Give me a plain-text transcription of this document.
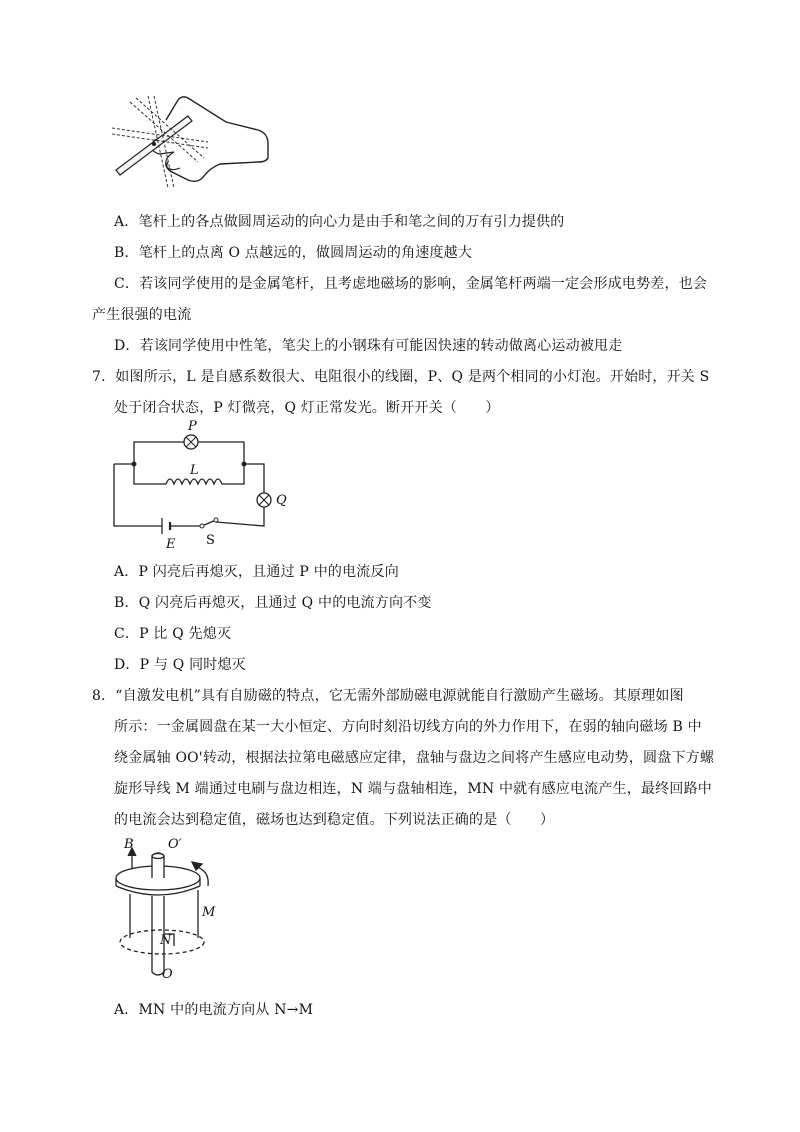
A．笔杆上的各点做圆周运动的向心力是由手和笔之间的万有引力提供的
B．笔杆上的点离 O 点越远的，做圆周运动的角速度越大
C．若该同学使用的是金属笔杆，且考虑地磁场的影响，金属笔杆两端一定会形成电势差，也会
产生很强的电流
D．若该同学使用中性笔，笔尖上的小钢珠有可能因快速的转动做离心运动被甩走
7．如图所示，L 是自感系数很大、电阻很小的线圈，P、Q 是两个相同的小灯泡。开始时，开关 S
处于闭合状态，P 灯微亮，Q 灯正常发光。断开开关（　　）
P
L
Q
E S
A．P 闪亮后再熄灭，且通过 P 中的电流反向
B．Q 闪亮后再熄灭，且通过 Q 中的电流方向不变
C．P 比 Q 先熄灭
D．P 与 Q 同时熄灭
8．“自激发电机”具有自励磁的特点，它无需外部励磁电源就能自行激励产生磁场。其原理如图
所示：一金属圆盘在某一大小恒定、方向时刻沿切线方向的外力作用下，在弱的轴向磁场 B 中
绕金属轴 OO'转动，根据法拉第电磁感应定律，盘轴与盘边之间将产生感应电动势，圆盘下方螺
旋形导线 M 端通过电刷与盘边相连，N 端与盘轴相连，MN 中就有感应电流产生，最终回路中
的电流会达到稳定值，磁场也达到稳定值。下列说法正确的是（　　）
B	O′
M
N
O
A．MN 中的电流方向从 N→M
